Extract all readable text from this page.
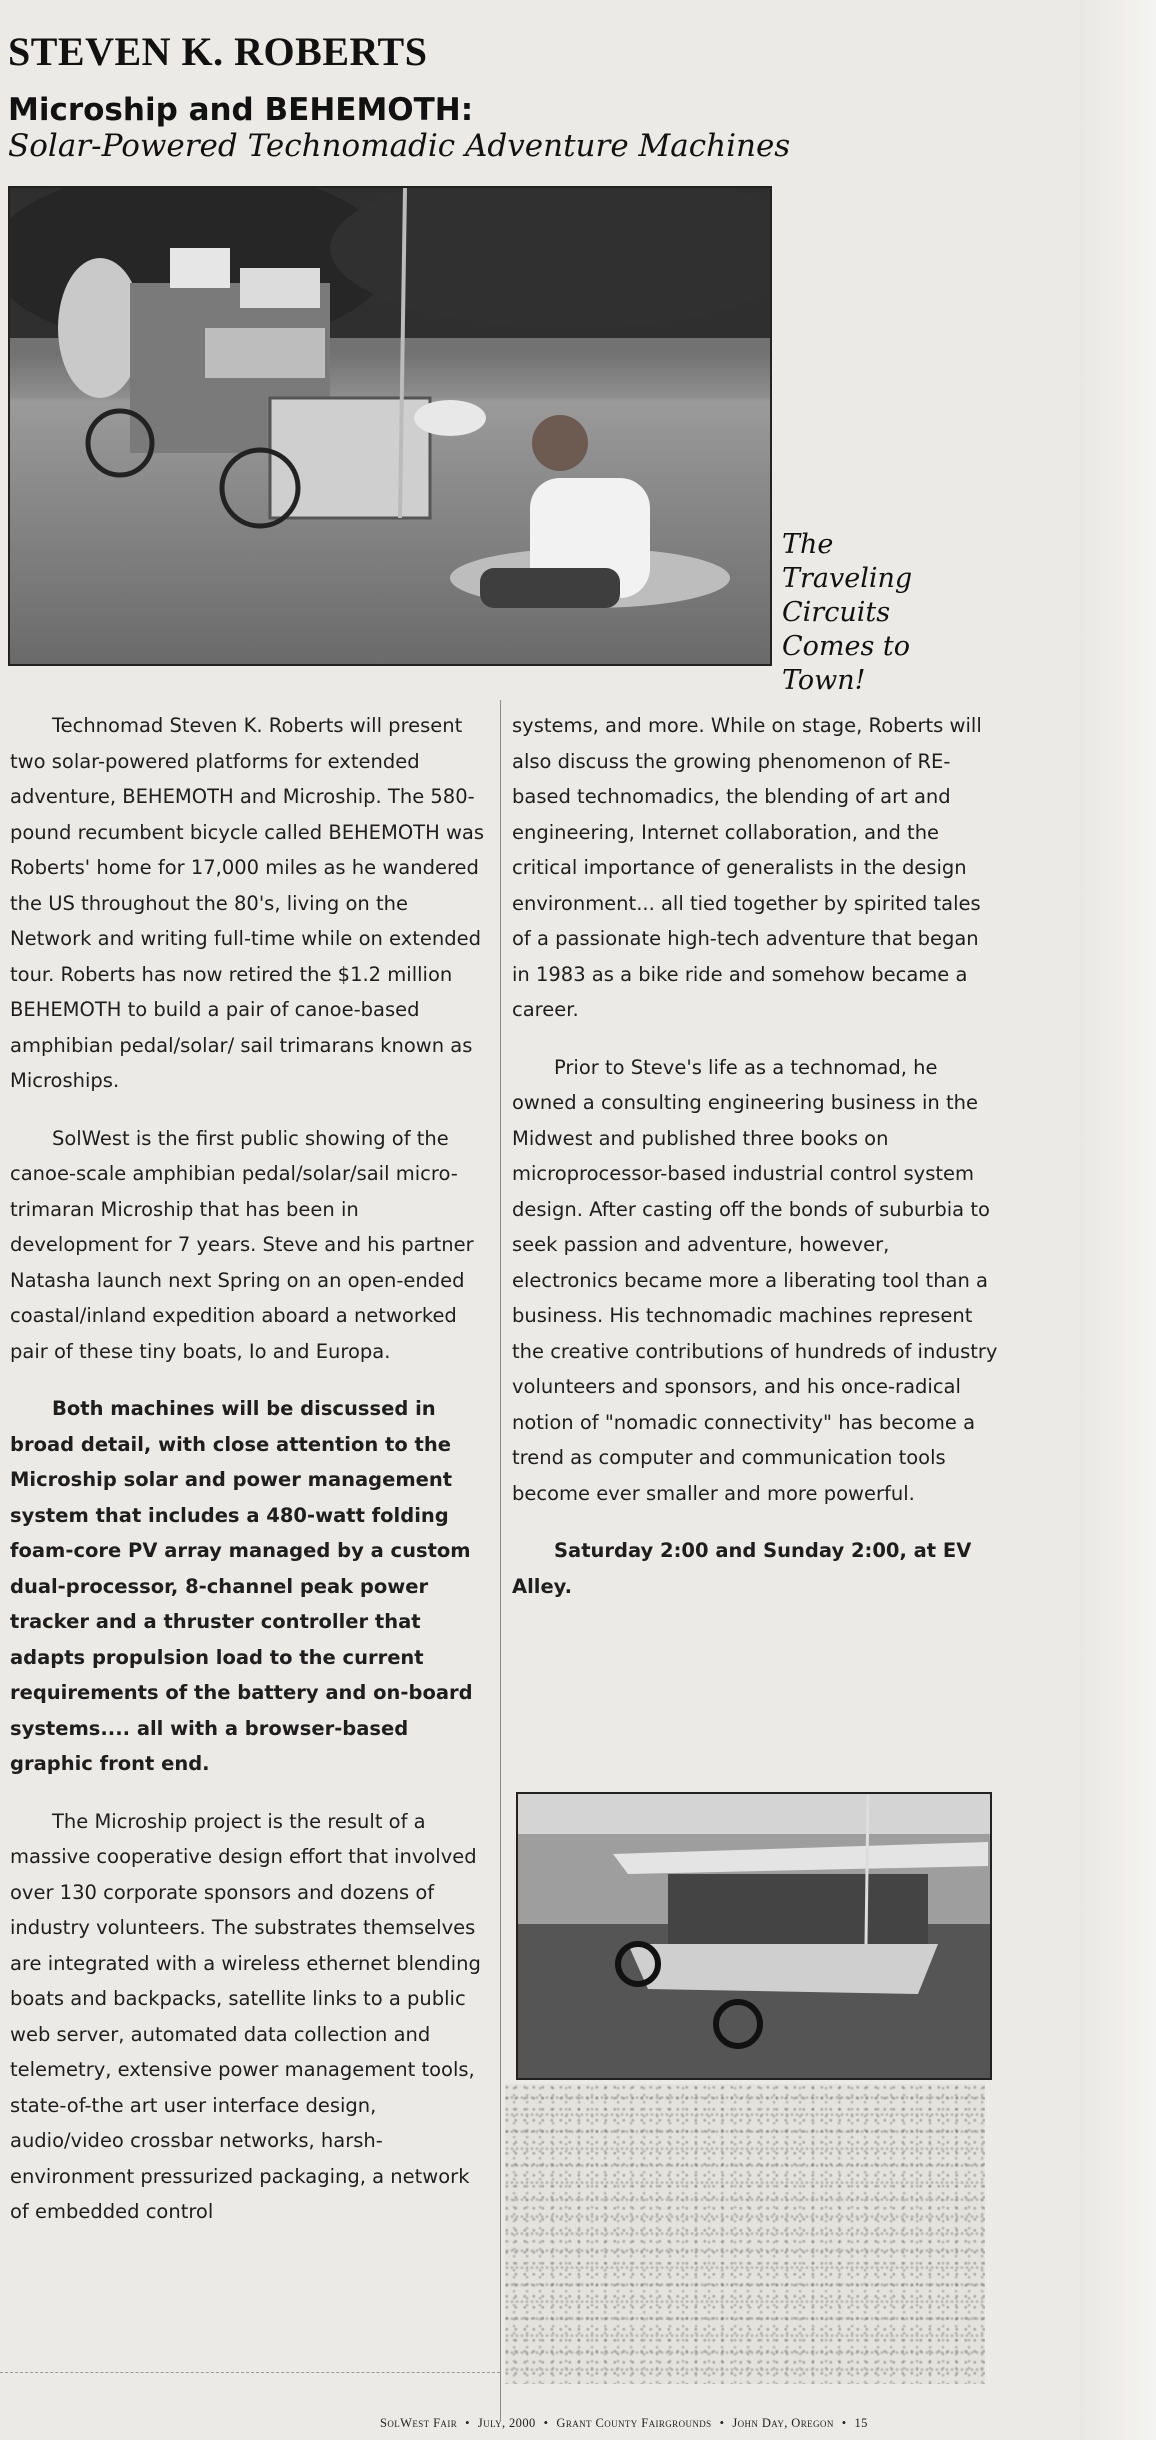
STEVEN K. ROBERTS
Microship and BEHEMOTH:
Solar-Powered Technomadic Adventure Machines
The Traveling
Circuits
Comes to
Town!

Technomad Steven K. Roberts will present two solar-powered platforms for extended adventure, BEHEMOTH and Microship. The 580-pound recumbent bicycle called BEHEMOTH was Roberts' home for 17,000 miles as he wandered the US throughout the 80's, living on the Network and writing full-time while on extended tour. Roberts has now retired the $1.2 million BEHEMOTH to build a pair of canoe-based amphibian pedal/solar/ sail trimarans known as Microships.

SolWest is the first public showing of the canoe-scale amphibian pedal/solar/sail micro-trimaran Microship that has been in development for 7 years. Steve and his partner Natasha launch next Spring on an open-ended coastal/inland expedition aboard a networked pair of these tiny boats, Io and Europa.

Both machines will be discussed in broad detail, with close attention to the Microship solar and power management system that includes a 480-watt folding foam-core PV array managed by a custom dual-processor, 8-channel peak power tracker and a thruster controller that adapts propulsion load to the current requirements of the battery and on-board systems.... all with a browser-based graphic front end.

The Microship project is the result of a massive cooperative design effort that involved over 130 corporate sponsors and dozens of industry volunteers. The substrates themselves are integrated with a wireless ethernet blending boats and backpacks, satellite links to a public web server, automated data collection and telemetry, extensive power management tools, state-of-the art user interface design, audio/video crossbar networks, harsh-environment pressurized packaging, a network of embedded control

systems, and more. While on stage, Roberts will also discuss the growing phenomenon of RE-based technomadics, the blending of art and engineering, Internet collaboration, and the critical importance of generalists in the design environment... all tied together by spirited tales of a passionate high-tech adventure that began in 1983 as a bike ride and somehow became a career.

Prior to Steve's life as a technomad, he owned a consulting engineering business in the Midwest and published three books on microprocessor-based industrial control system design. After casting off the bonds of suburbia to seek passion and adventure, however, electronics became more a liberating tool than a business. His technomadic machines represent the creative contributions of hundreds of industry volunteers and sponsors, and his once-radical notion of "nomadic connectivity" has become a trend as computer and communication tools become ever smaller and more powerful.

Saturday 2:00 and Sunday 2:00, at EV Alley.

SolWest Fair • July, 2000 • Grant County Fairgrounds • John Day, Oregon • 15
